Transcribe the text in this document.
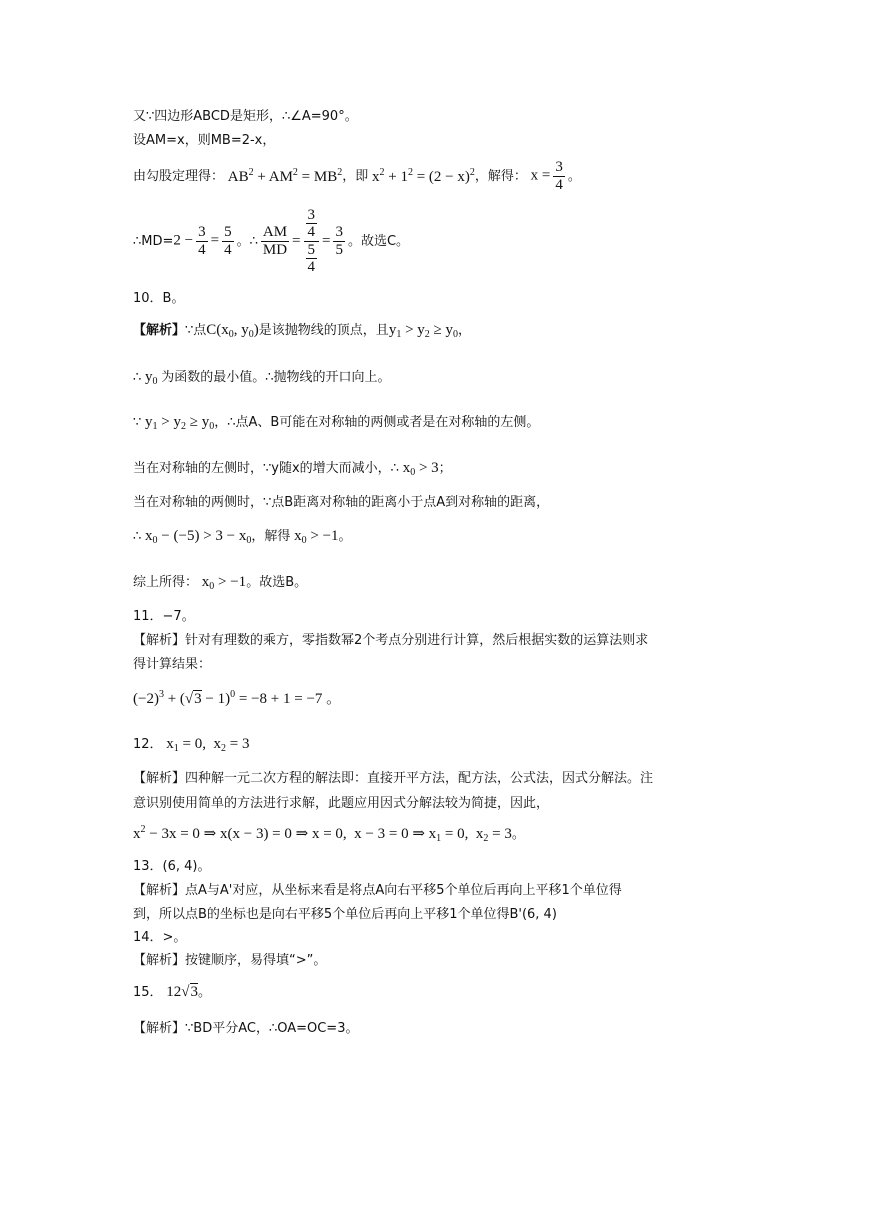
又∵四边形ABCD是矩形，∴∠A=90°。
设AM=x，则MB=2-x，
由勾股定理得： $AB^2 + AM^2 = MB^2$ ，即 $x^2 + 1^2 = (2 - x)^2$ ，解得： $x = \frac{3}{4}$ 。
∴MD= $2 - \frac{3}{4} = \frac{5}{4}$ 。∴ $\frac{AM}{MD} = \frac{\frac{3}{4}}{\frac{5}{4}} = \frac{3}{5}$ 。故选C。
10．B。
【解析】∵点$C(x_0$, $y_0$)是该抛物线的顶点，且$y_1 > y_2 \ge y_0$，
∴ $y_0$ 为函数的最小值。∴抛物线的开口向上。
∵ $y_1 > y_2 \ge y_0$，∴点A、B可能在对称轴的两侧或者是在对称轴的左侧。
当在对称轴的左侧时，∵y随x的增大而减小，∴ $x_0 > 3$；
当在对称轴的两侧时，∵点B距离对称轴的距离小于点A到对称轴的距离，
∴ $x_0 - (-5) > 3 - x_0$，解得 $x_0 > -1$。
综上所得： $x_0 > -1$。故选B。
11．−7。
【解析】针对有理数的乘方，零指数幂2个考点分别进行计算，然后根据实数的运算法则求
得计算结果：
$(-2)^3 + (√3 - 1)^0 = -8 + 1 = -7$ 。
12． $x_1 = 0$,  $x_2 = 3$
【解析】四种解一元二次方程的解法即：直接开平方法，配方法，公式法，因式分解法。注
意识别使用简单的方法进行求解，此题应用因式分解法较为简捷，因此，
$x^2 - 3x = 0$ ⇒ x(x − 3) = 0 ⇒ x = 0,  x − 3 = 0 ⇒ $x_1 = 0$,  $x_2 = 3$。
13．(6, 4)。
【解析】点A与A'对应，从坐标来看是将点A向右平移5个单位后再向上平移1个单位得
到，所以点B的坐标也是向右平移5个单位后再向上平移1个单位得B'(6, 4)
14．>。
【解析】按键顺序，易得填“>”。
15． 12√3。
【解析】∵BD平分AC，∴OA=OC=3。
